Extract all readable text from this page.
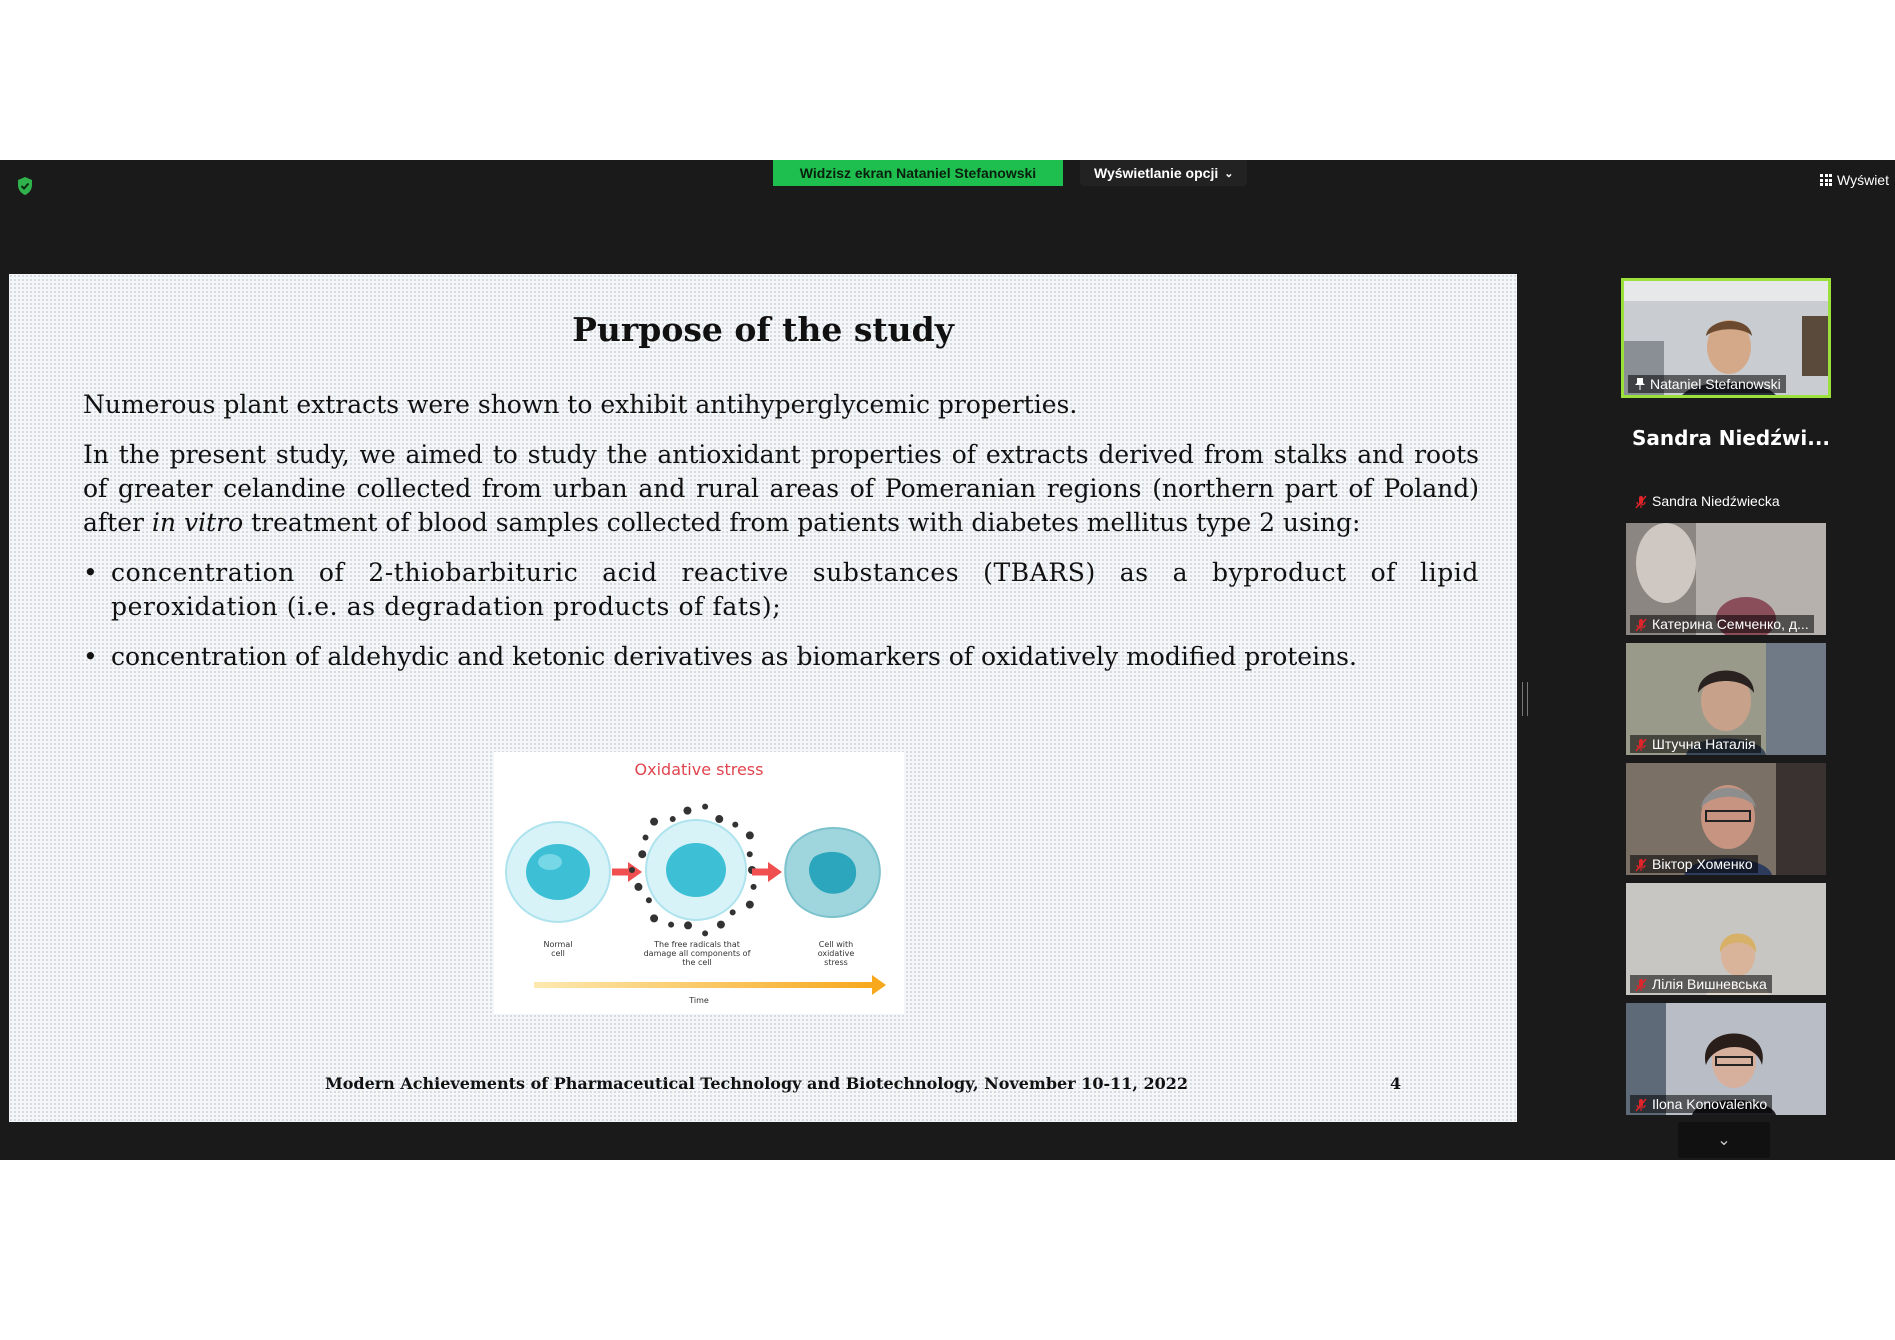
Widzisz ekran Nataniel Stefanowski	Wyświetlanie opcji ⌄	Wyświet
Purpose of the study

Numerous plant extracts were shown to exhibit antihyperglycemic properties.

In the present study, we aimed to study the antioxidant properties of extracts derived from stalks and roots of greater celandine collected from urban and rural areas of Pomeranian regions (northern part of Poland) after in vitro treatment of blood samples collected from patients with diabetes mellitus type 2 using:

• concentration of 2-thiobarbituric acid reactive substances (TBARS) as a byproduct of lipid peroxidation (i.e. as degradation products of fats);
• concentration of aldehydic and ketonic derivatives as biomarkers of oxidatively modified proteins.
Oxidative stress
Normal cell
The free radicals that damage all components of the cell
Cell with oxidative stress
Time
Modern Achievements of Pharmaceutical Technology and Biotechnology, November 10-11, 2022	4
Nataniel Stefanowski
Sandra Niedźwi...
Sandra Niedźwiecka
Катерина Семченко, д...
Штучна Наталія
Віктор Хоменко
Лілія Вишневська
Ilona Konovalenko
⌄
